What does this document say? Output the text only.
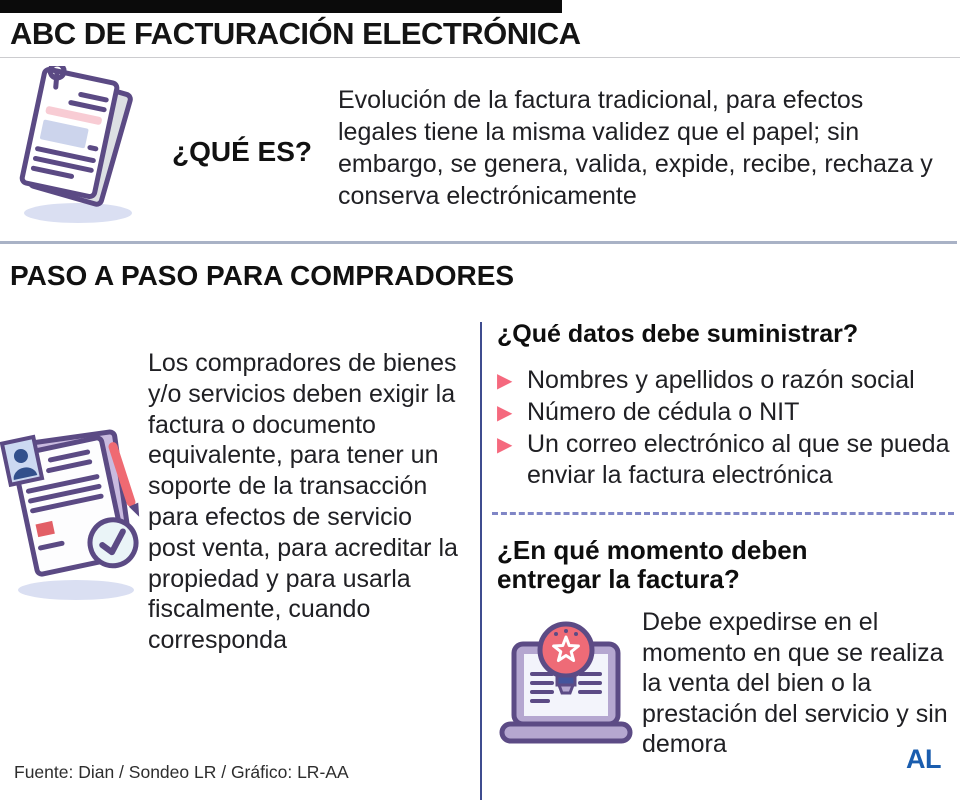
ABC DE FACTURACIÓN ELECTRÓNICA
¿QUÉ ES?
Evolución de la factura tradicional, para efectos legales tiene la misma validez que el papel; sin embargo, se genera, valida, expide, recibe, rechaza y conserva electrónicamente
PASO A PASO PARA COMPRADORES
Los compradores de bienes y/o servicios deben exigir la factura o documento equivalente, para tener un soporte de la transacción para efectos de servicio post venta, para acreditar la propiedad y para usarla fiscalmente, cuando corresponda
¿Qué datos debe suministrar?
▶ Nombres y apellidos o razón social
▶ Número de cédula o NIT
▶ Un correo electrónico al que se pueda enviar la factura electrónica
¿En qué momento deben entregar la factura?
Debe expedirse en el momento en que se realiza la venta del bien o la prestación del servicio y sin demora
Fuente: Dian / Sondeo LR / Gráfico: LR-AA	AL
